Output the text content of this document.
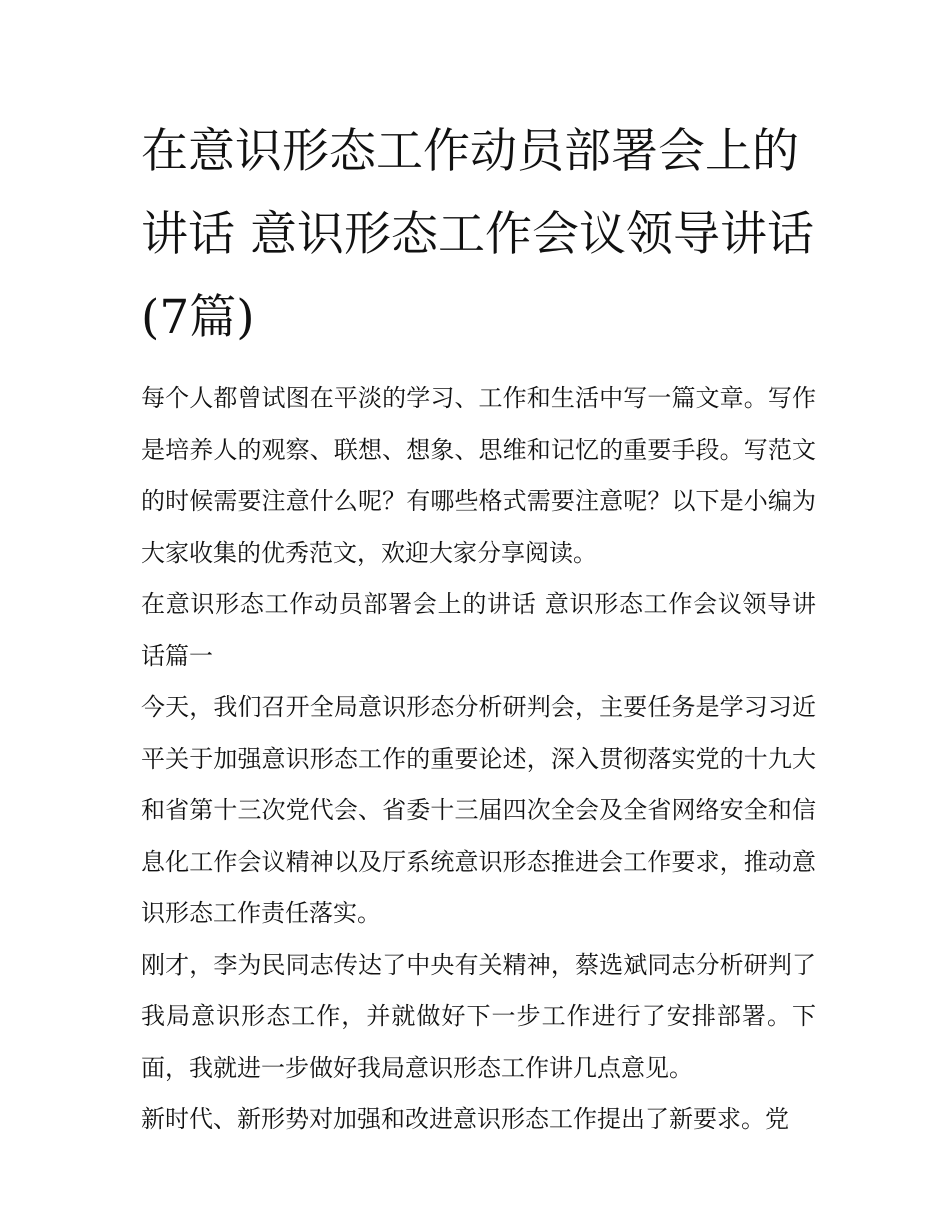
在意识形态工作动员部署会上的讲话 意识形态工作会议领导讲话(7篇)

每个人都曾试图在平淡的学习、工作和生活中写一篇文章。写作是培养人的观察、联想、想象、思维和记忆的重要手段。写范文的时候需要注意什么呢？有哪些格式需要注意呢？以下是小编为大家收集的优秀范文，欢迎大家分享阅读。

在意识形态工作动员部署会上的讲话 意识形态工作会议领导讲话篇一

今天，我们召开全局意识形态分析研判会，主要任务是学习习近平关于加强意识形态工作的重要论述，深入贯彻落实党的十九大和省第十三次党代会、省委十三届四次全会及全省网络安全和信息化工作会议精神以及厅系统意识形态推进会工作要求，推动意识形态工作责任落实。

刚才，李为民同志传达了中央有关精神，蔡选斌同志分析研判了我局意识形态工作，并就做好下一步工作进行了安排部署。下面，我就进一步做好我局意识形态工作讲几点意见。

新时代、新形势对加强和改进意识形态工作提出了新要求。党
